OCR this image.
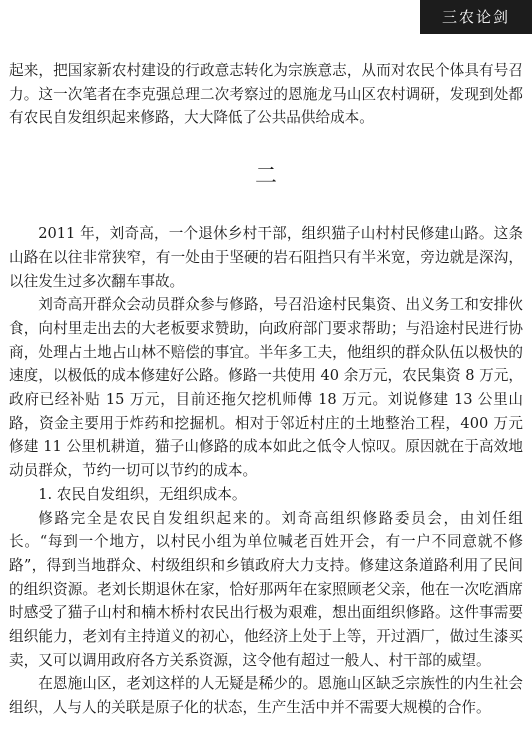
三农论剑

起来，把国家新农村建设的行政意志转化为宗族意志，从而对农民个体具有号召力。这一次笔者在李克强总理二次考察过的恩施龙马山区农村调研，发现到处都有农民自发组织起来修路，大大降低了公共品供给成本。

二

2011 年，刘奇高，一个退休乡村干部，组织猫子山村村民修建山路。这条山路在以往非常狭窄，有一处由于坚硬的岩石阻挡只有半米宽，旁边就是深沟，以往发生过多次翻车事故。

刘奇高开群众会动员群众参与修路，号召沿途村民集资、出义务工和安排伙食，向村里走出去的大老板要求赞助，向政府部门要求帮助；与沿途村民进行协商，处理占土地占山林不赔偿的事宜。半年多工夫，他组织的群众队伍以极快的速度，以极低的成本修建好公路。修路一共使用 40 余万元，农民集资 8 万元，政府已经补贴 15 万元，目前还拖欠挖机师傅 18 万元。刘说修建 13 公里山路，资金主要用于炸药和挖掘机。相对于邻近村庄的土地整治工程，400 万元修建 11 公里机耕道，猫子山修路的成本如此之低令人惊叹。原因就在于高效地动员群众，节约一切可以节约的成本。

1. 农民自发组织，无组织成本。

修路完全是农民自发组织起来的。刘奇高组织修路委员会，由刘任组长。“每到一个地方，以村民小组为单位喊老百姓开会，有一户不同意就不修路”，得到当地群众、村级组织和乡镇政府大力支持。修建这条道路利用了民间的组织资源。老刘长期退休在家，恰好那两年在家照顾老父亲，他在一次吃酒席时感受了猫子山村和楠木桥村农民出行极为艰难，想出面组织修路。这件事需要组织能力，老刘有主持道义的初心，他经济上处于上等，开过酒厂，做过生漆买卖，又可以调用政府各方关系资源，这令他有超过一般人、村干部的威望。

在恩施山区，老刘这样的人无疑是稀少的。恩施山区缺乏宗族性的内生社会组织，人与人的关联是原子化的状态，生产生活中并不需要大规模的合作。
